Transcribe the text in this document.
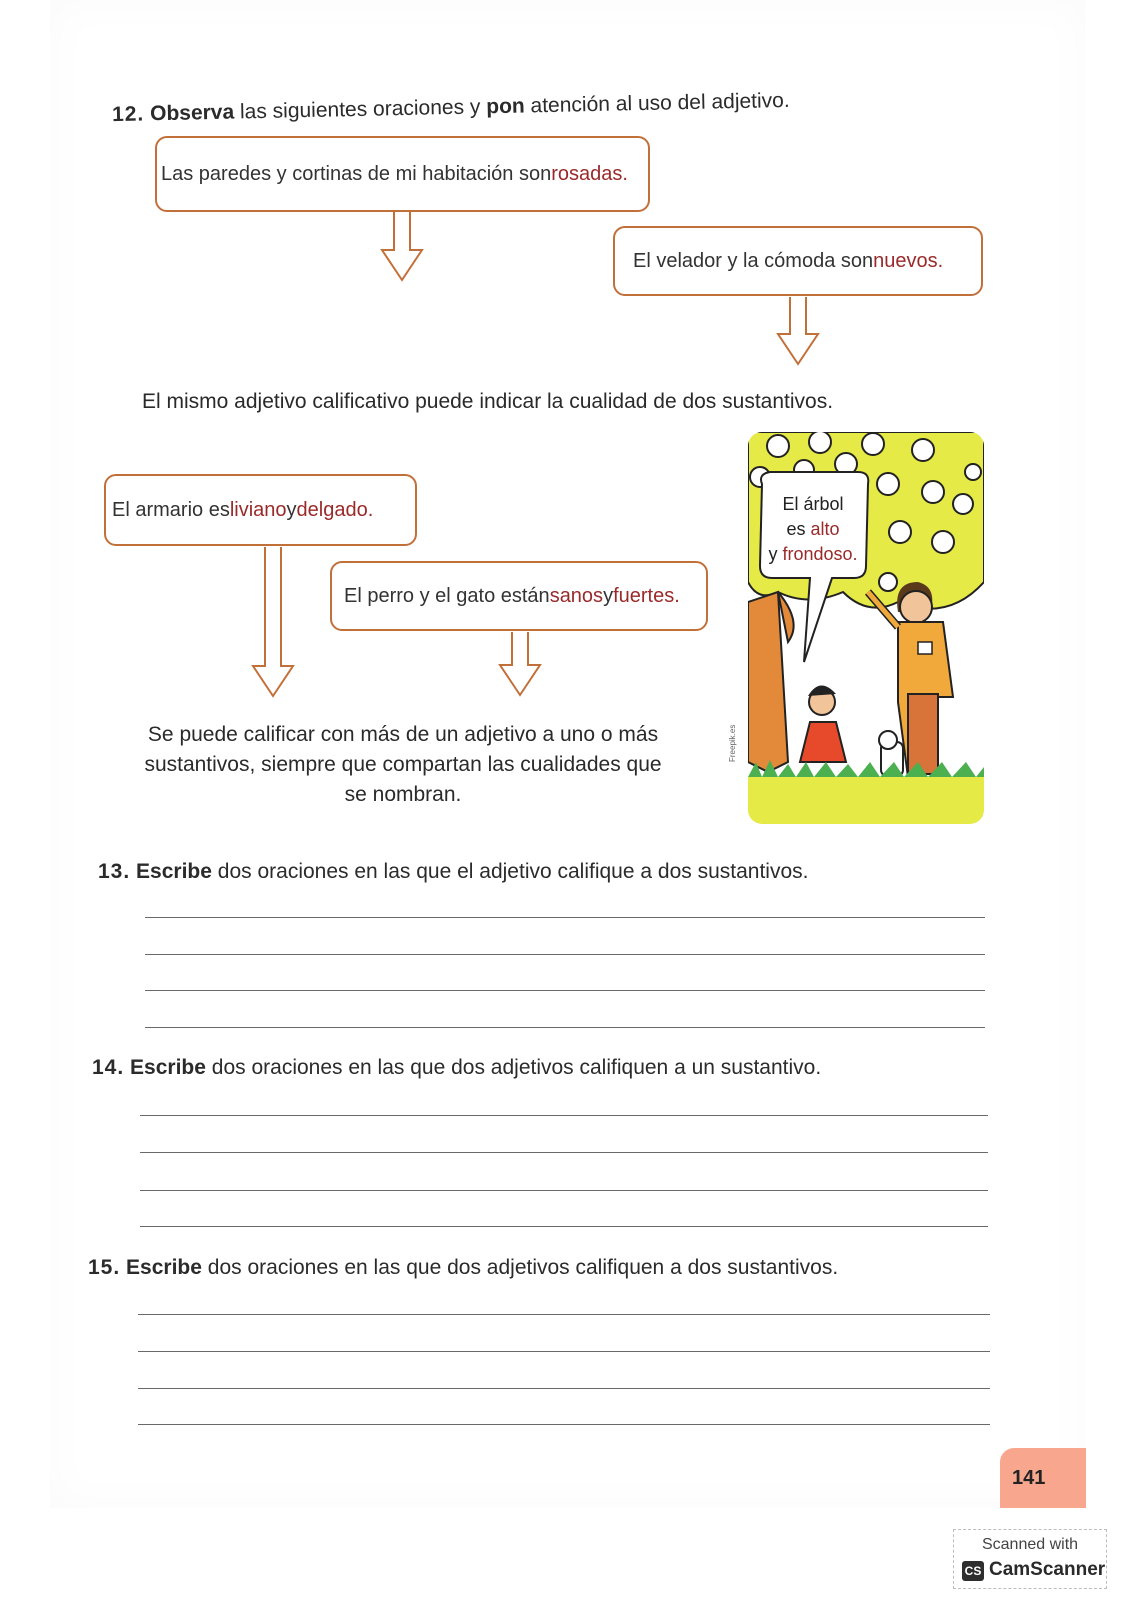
12. Observa las siguientes oraciones y pon atención al uso del adjetivo.
Las paredes y cortinas de mi habitación son rosadas.
El velador y la cómoda son nuevos.
El mismo adjetivo calificativo puede indicar la cualidad de dos sustantivos.
El armario es liviano y delgado.
El perro y el gato están sanos y fuertes.
Se puede calificar con más de un adjetivo a uno o más
sustantivos, siempre que compartan las cualidades que
se nombran.
El árbol
es alto
y frondoso.
Freepik.es
13. Escribe dos oraciones en las que el adjetivo califique a dos sustantivos.
14. Escribe dos oraciones en las que dos adjetivos califiquen a un sustantivo.
15. Escribe dos oraciones en las que dos adjetivos califiquen a dos sustantivos.
141
Scanned with
CS CamScanner
